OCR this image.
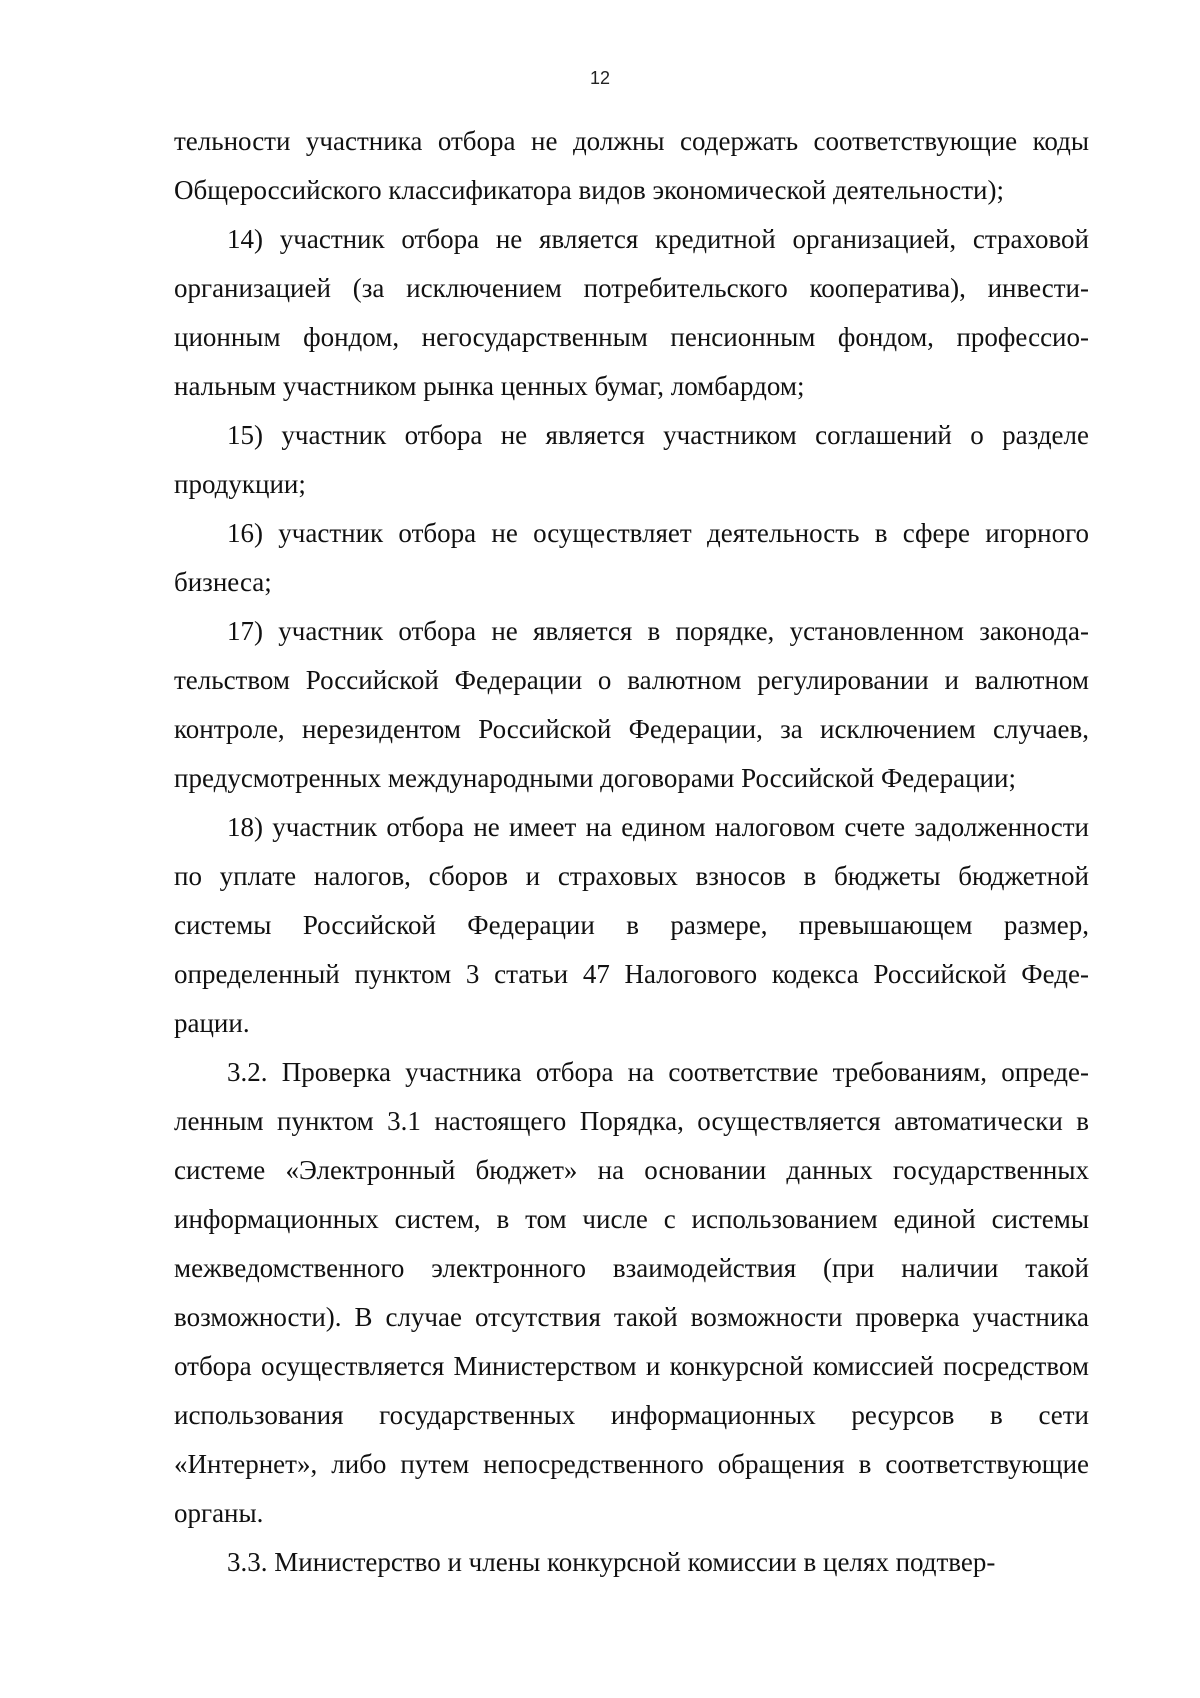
12

тельности участника отбора не должны содержать соответствующие коды Общероссийского классификатора видов экономической деятельности);

14) участник отбора не является кредитной организацией, страховой организацией (за исключением потребительского кооператива), инвестиционным фондом, негосударственным пенсионным фондом, профессиональным участником рынка ценных бумаг, ломбардом;

15) участник отбора не является участником соглашений о разделе продукции;

16) участник отбора не осуществляет деятельность в сфере игорного бизнеса;

17) участник отбора не является в порядке, установленном законодательством Российской Федерации о валютном регулировании и валютном контроле, нерезидентом Российской Федерации, за исключением случаев, предусмотренных международными договорами Российской Федерации;

18) участник отбора не имеет на едином налоговом счете задолженности по уплате налогов, сборов и страховых взносов в бюджеты бюджетной системы Российской Федерации в размере, превышающем размер, определенный пунктом 3 статьи 47 Налогового кодекса Российской Федерации.

3.2. Проверка участника отбора на соответствие требованиям, определенным пунктом 3.1 настоящего Порядка, осуществляется автоматически в системе «Электронный бюджет» на основании данных государственных информационных систем, в том числе с использованием единой системы межведомственного электронного взаимодействия (при наличии такой возможности). В случае отсутствия такой возможности проверка участника отбора осуществляется Министерством и конкурсной комиссией посредством использования государственных информационных ресурсов в сети «Интернет», либо путем непосредственного обращения в соответствующие органы.

3.3. Министерство и члены конкурсной комиссии в целях подтвер-
